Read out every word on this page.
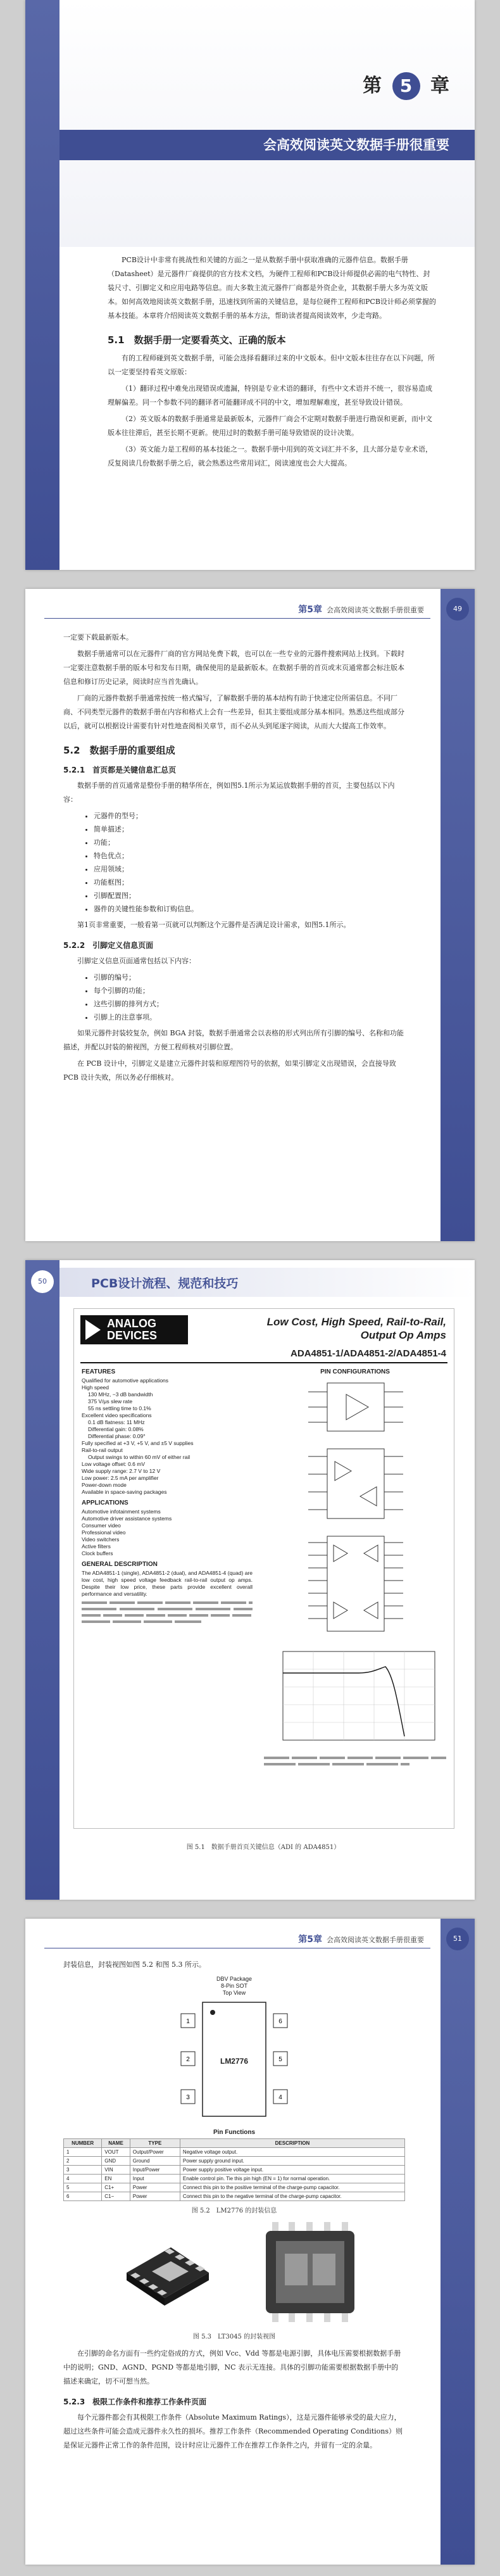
第 5 章
会高效阅读英文数据手册很重要

PCB设计中非常有挑战性和关键的方面之一是从数据手册中获取准确的元器件信息。数据手册（Datasheet）是元器件厂商提供的官方技术文档，为硬件工程师和PCB设计师提供必需的电气特性、封装尺寸、引脚定义和应用电路等信息。而大多数主流元器件厂商都是外资企业，其数据手册大多为英文版本。如何高效地阅读英文数据手册，迅速找到所需的关键信息，是每位硬件工程师和PCB设计师必须掌握的基本技能。本章将介绍阅读英文数据手册的基本方法，帮助读者提高阅读效率，少走弯路。

5.1　数据手册一定要看英文、正确的版本

有的工程师碰到英文数据手册，可能会选择看翻译过来的中文版本。但中文版本往往存在以下问题，所以一定要坚持看英文原版：

（1）翻译过程中难免出现错误或遗漏，特别是专业术语的翻译，有些中文术语并不统一，很容易造成理解偏差。同一个参数不同的翻译者可能翻译成不同的中文，增加理解难度，甚至导致设计错误。

（2）英文版本的数据手册通常是最新版本，元器件厂商会不定期对数据手册进行勘误和更新，而中文版本往往滞后，甚至长期不更新。使用过时的数据手册可能导致错误的设计决策。

（3）英文能力是工程师的基本技能之一。数据手册中用到的英文词汇并不多，且大部分是专业术语，反复阅读几份数据手册之后，就会熟悉这些常用词汇，阅读速度也会大大提高。

第5章 会高效阅读英文数据手册很重要	49

一定要下载最新版本。

数据手册通常可以在元器件厂商的官方网站免费下载，也可以在一些专业的元器件搜索网站上找到。下载时一定要注意数据手册的版本号和发布日期，确保使用的是最新版本。在数据手册的首页或末页通常都会标注版本信息和修订历史记录，阅读时应当首先确认。

厂商的元器件数据手册通常按统一格式编写，了解数据手册的基本结构有助于快速定位所需信息。不同厂商、不同类型元器件的数据手册在内容和格式上会有一些差异，但其主要组成部分基本相同。熟悉这些组成部分以后，就可以根据设计需要有针对性地查阅相关章节，而不必从头到尾逐字阅读，从而大大提高工作效率。

5.2　数据手册的重要组成
5.2.1　首页都是关键信息汇总页

数据手册的首页通常是整份手册的精华所在，例如图5.1所示为某运放数据手册的首页，主要包括以下内容：

• 元器件的型号；
• 简单描述；
• 功能；
• 特色优点；
• 应用领域；
• 功能框图；
• 引脚配置图；
• 器件的关键性能参数和订购信息。

第1页非常重要，一般看第一页就可以判断这个元器件是否满足设计需求，如图5.1所示。

5.2.2　引脚定义信息页面

引脚定义信息页面通常包括以下内容：

• 引脚的编号；
• 每个引脚的功能；
• 这些引脚的排列方式；
• 引脚上的注意事项。

如果元器件封装较复杂，例如 BGA 封装，数据手册通常会以表格的形式列出所有引脚的编号、名称和功能描述，并配以封装的俯视图，方便工程师核对引脚位置。

在 PCB 设计中，引脚定义是建立元器件封装和原理图符号的依据，如果引脚定义出现错误，会直接导致 PCB 设计失败，所以务必仔细核对。

PCB设计流程、规范和技巧
50
ANALOG
DEVICES
Low Cost, High Speed, Rail-to-Rail,
Output Op Amps
ADA4851-1/ADA4851-2/ADA4851-4
FEATURES
Qualified for automotive applications
High speed
130 MHz, −3 dB bandwidth
375 V/μs slew rate
55 ns settling time to 0.1%
Excellent video specifications
0.1 dB flatness: 11 MHz
Differential gain: 0.08%
Differential phase: 0.09°
Fully specified at +3 V, +5 V, and ±5 V supplies
Rail-to-rail output
Output swings to within 60 mV of either rail
Low voltage offset: 0.6 mV
Wide supply range: 2.7 V to 12 V
Low power: 2.5 mA per amplifier
Power-down mode
Available in space-saving packages
APPLICATIONS
Automotive infotainment systems
Automotive driver assistance systems
Consumer video
Professional video
Video switchers
Active filters
Clock buffers
GENERAL DESCRIPTION
The ADA4851-1 (single), ADA4851-2 (dual), and ADA4851-4 (quad) are low cost, high speed voltage feedback rail-to-rail output op amps. Despite their low price, these parts provide excellent overall performance and versatility.
PIN CONFIGURATIONS

图 5.1　数据手册首页关键信息（ADI 的 ADA4851）
第5章 会高效阅读英文数据手册很重要	51

封装信息，封装视图如图 5.2 和图 5.3 所示。

DBV Package
8-Pin SOT
Top View
1
2
3
6
5
4
LM2776
Pin Functions
NUMBER	NAME	TYPE	DESCRIPTION
1	VOUT	Output/Power	Negative voltage output.
2	GND	Ground	Power supply ground input.
3	VIN	Input/Power	Power supply positive voltage input.
4	EN	Input	Enable control pin. Tie this pin high (EN = 1) for normal operation.
5	C1+	Power	Connect this pin to the positive terminal of the charge-pump capacitor.
6	C1−	Power	Connect this pin to the negative terminal of the charge-pump capacitor.
图 5.2　LM2776 的封装信息
图 5.3　LT3045 的封装视图

在引脚的命名方面有一些约定俗成的方式，例如 Vcc、Vdd 等都是电源引脚，具体电压需要根据数据手册中的说明；GND、AGND、PGND 等都是地引脚，NC 表示无连接。具体的引脚功能需要根据数据手册中的描述来确定，切不可想当然。

5.2.3　极限工作条件和推荐工作条件页面

每个元器件都会有其极限工作条件（Absolute Maximum Ratings），这是元器件能够承受的最大应力，超过这些条件可能会造成元器件永久性的损坏。推荐工作条件（Recommended Operating Conditions）则是保证元器件正常工作的条件范围，设计时应让元器件工作在推荐工作条件之内，并留有一定的余量。
